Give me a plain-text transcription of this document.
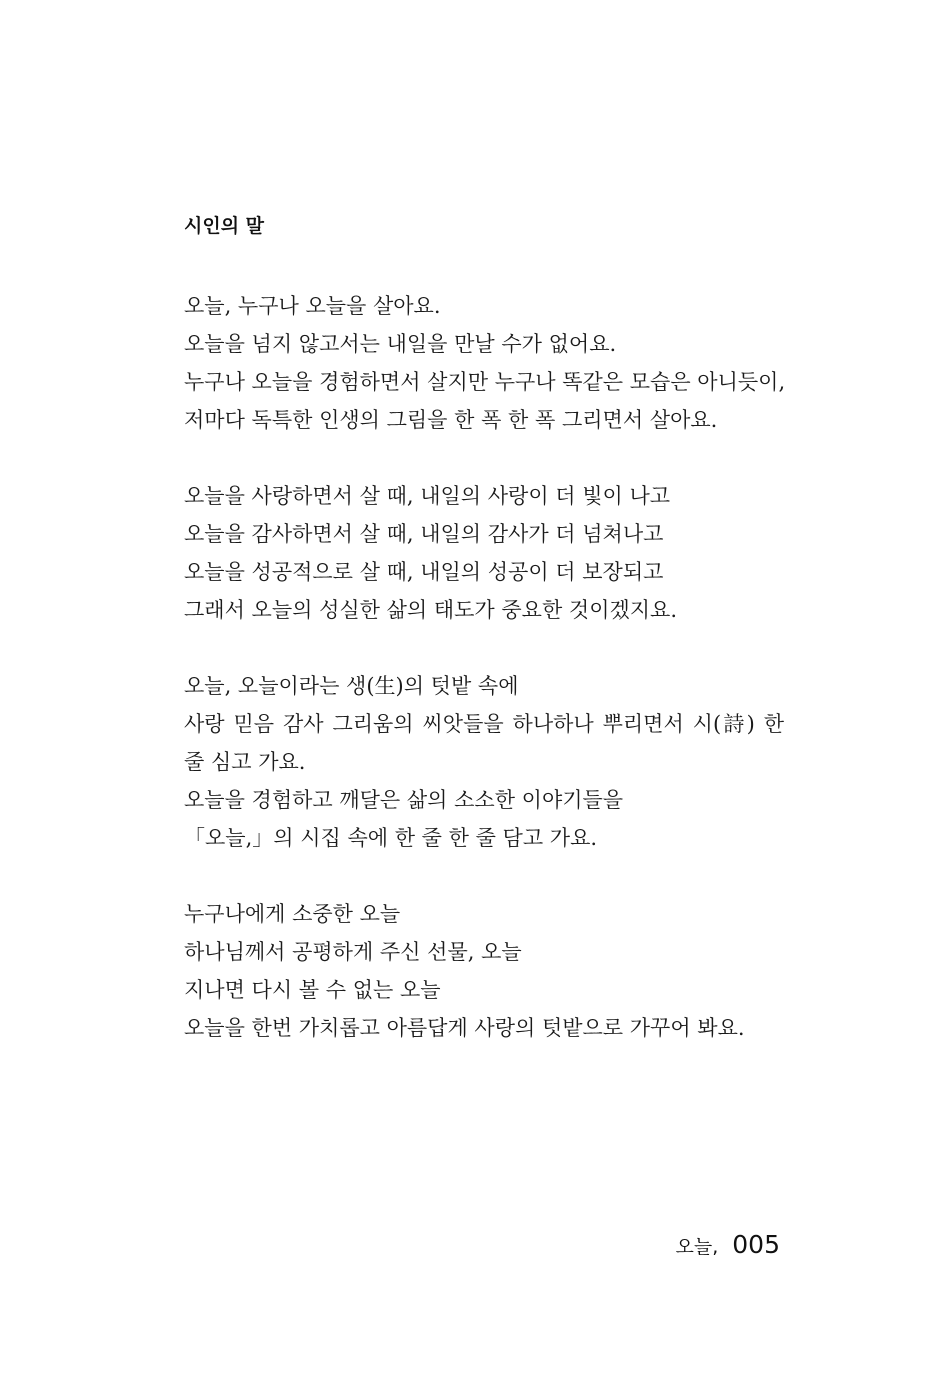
시인의 말

오늘, 누구나 오늘을 살아요.
오늘을 넘지 않고서는 내일을 만날 수가 없어요.
누구나 오늘을 경험하면서 살지만 누구나 똑같은 모습은 아니듯이,
저마다 독특한 인생의 그림을 한 폭 한 폭 그리면서 살아요.

오늘을 사랑하면서 살 때, 내일의 사랑이 더 빛이 나고
오늘을 감사하면서 살 때, 내일의 감사가 더 넘쳐나고
오늘을 성공적으로 살 때, 내일의 성공이 더 보장되고
그래서 오늘의 성실한 삶의 태도가 중요한 것이겠지요.

오늘, 오늘이라는 생(生)의 텃밭 속에
사랑 믿음 감사 그리움의 씨앗들을 하나하나 뿌리면서 시(詩) 한
줄 심고 가요.
오늘을 경험하고 깨달은 삶의 소소한 이야기들을
「오늘,」의 시집 속에 한 줄 한 줄 담고 가요.

누구나에게 소중한 오늘
하나님께서 공평하게 주신 선물, 오늘
지나면 다시 볼 수 없는 오늘
오늘을 한번 가치롭고 아름답게 사랑의 텃밭으로 가꾸어 봐요.

오늘, 005
